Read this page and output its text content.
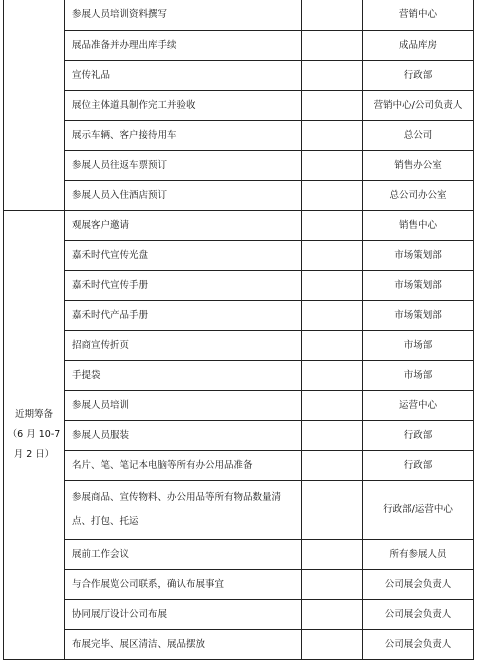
	参展人员培训资料撰写		营销中心
	展品准备并办理出库手续		成品库房
	宣传礼品		行政部
	展位主体道具制作完工并验收		营销中心/公司负责人
	展示车辆、客户接待用车		总公司
	参展人员往返车票预订		销售办公室
	参展人员入住酒店预订		总公司办公室

近期筹备
（6 月 10-7
月 2 日）	观展客户邀请		销售中心
	嘉禾时代宣传光盘		市场策划部
	嘉禾时代宣传手册		市场策划部
	嘉禾时代产品手册		市场策划部
	招商宣传折页		市场部
	手提袋		市场部
	参展人员培训		运营中心
	参展人员服装		行政部
	名片、笔、笔记本电脑等所有办公用品准备		行政部

	参展商品、宣传物料、办公用品等所有物品数量清
点、打包、托运		行政部/运营中心
	展前工作会议		所有参展人员
	与合作展览公司联系，确认布展事宜		公司展会负责人
	协同展厅设计公司布展		公司展会负责人
	布展完毕、展区清洁、展品摆放		公司展会负责人
